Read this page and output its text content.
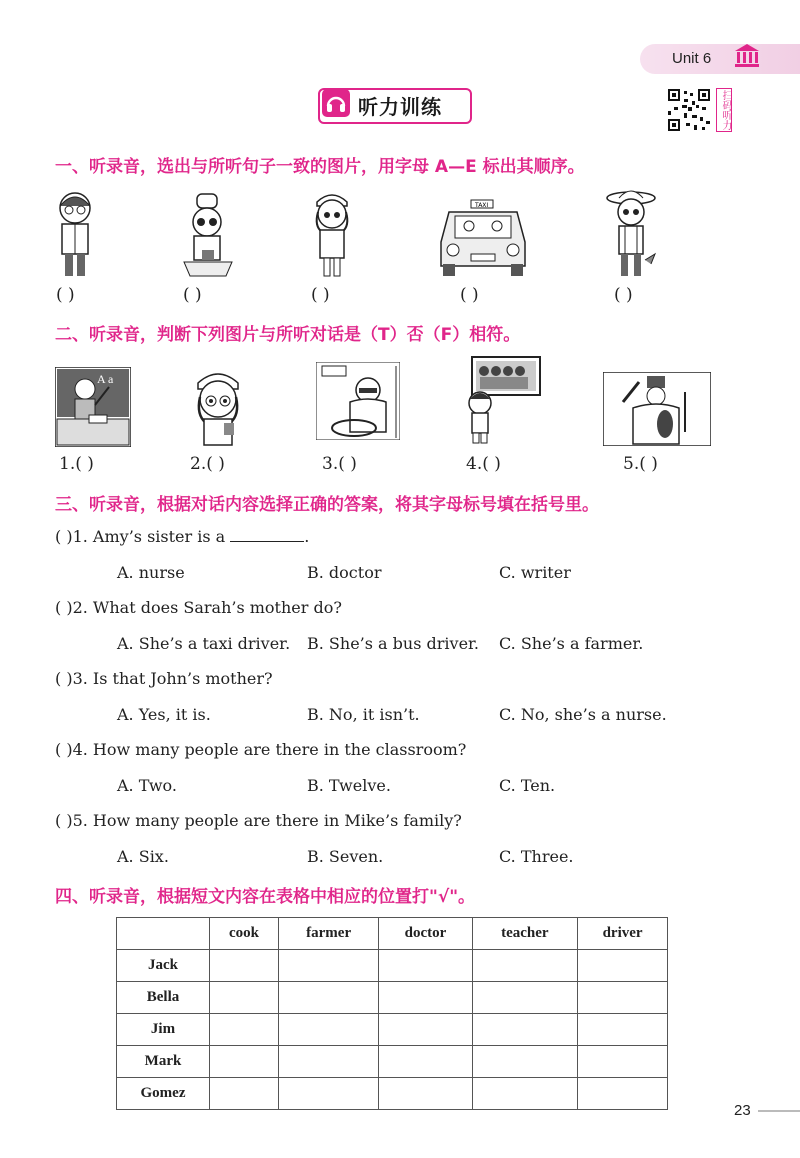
Unit 6
听力训练	扫码听力
一、听录音，选出与所听句子一致的图片，用字母 A—E 标出其顺序。
TAXI
( )	( )	( )	( )	( )
二、听录音，判断下列图片与所听对话是（T）否（F）相符。
A a
1.( )	2.( )	3.( )	4.( )	5.( )
三、听录音，根据对话内容选择正确的答案，将其字母标号填在括号里。
( )1. Amy’s sister is a	.
A. nurse	B. doctor	C. writer
( )2. What does Sarah’s mother do?
A. She’s a taxi driver. B. She’s a bus driver. C. She’s a farmer.
( )3. Is that John’s mother?
A. Yes, it is.	B. No, it isn’t.	C. No, she’s a nurse.
( )4. How many people are there in the classroom?
A. Two.	B. Twelve.	C. Ten.
( )5. How many people are there in Mike’s family?
A. Six.	B. Seven.	C. Three.
四、听录音，根据短文内容在表格中相应的位置打"√"。
	cook	farmer	doctor	teacher	driver
Jack					
Bella					
Jim					
Mark					
Gomez					
23
